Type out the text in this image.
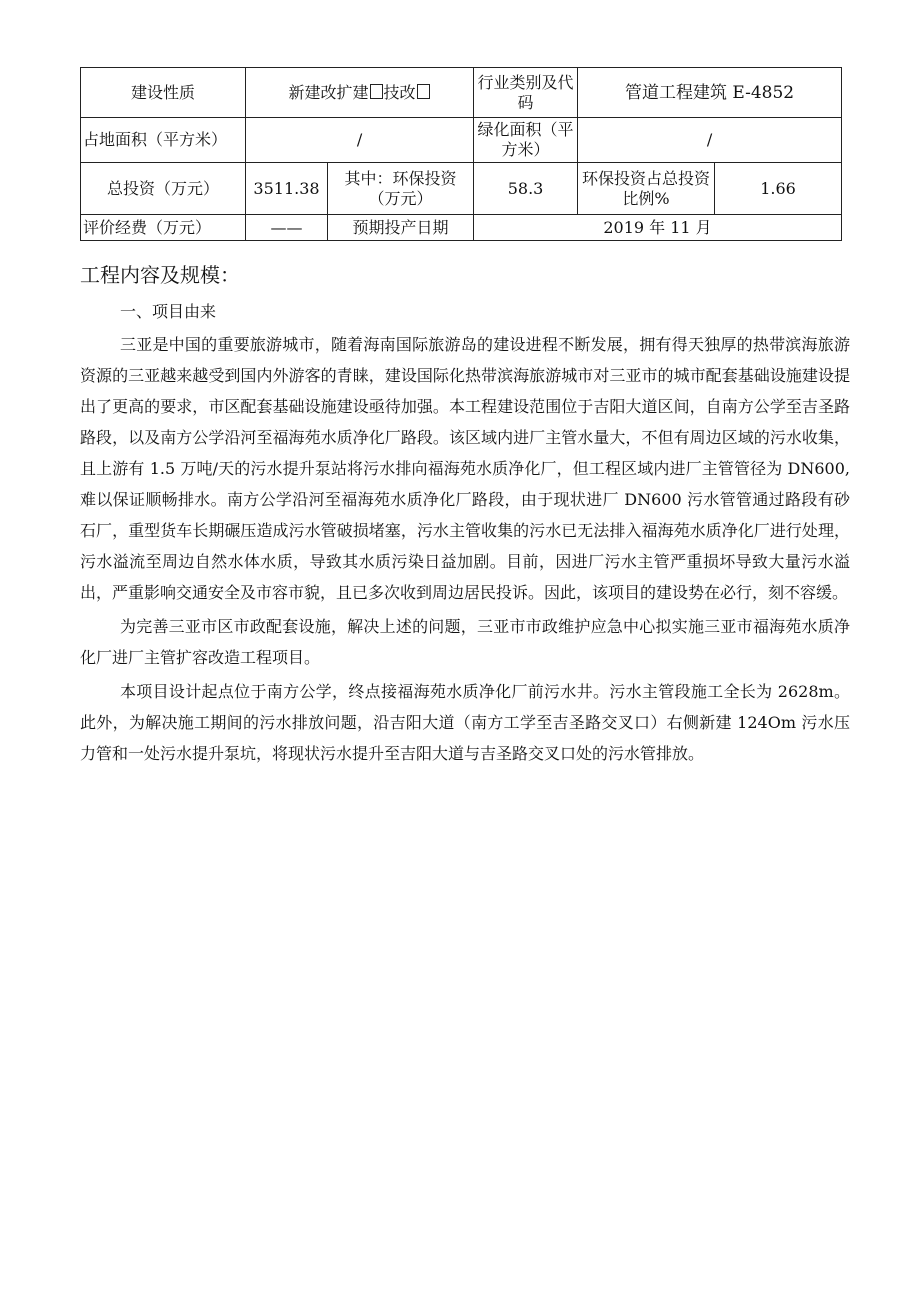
建设性质	新建改扩建 技改		行业类别及代码	管道工程建筑 E-4852	
占地面积（平方米）	/		绿化面积（平方米）	/	
总投资（万元）	3511.38	其中：环保投资（万元）	58.3	环保投资占总投资比例%	1.66
评价经费（万元）	——	预期投产日期	2019 年 11 月		
工程内容及规模：
一、项目由来

三亚是中国的重要旅游城市，随着海南国际旅游岛的建设进程不断发展，拥有得天独厚的热带滨海旅游资源的三亚越来越受到国内外游客的青睐，建设国际化热带滨海旅游城市对三亚市的城市配套基础设施建设提出了更高的要求，市区配套基础设施建设亟待加强。本工程建设范围位于吉阳大道区间，自南方公学至吉圣路路段，以及南方公学沿河至福海苑水质净化厂路段。该区域内进厂主管水量大，不但有周边区域的污水收集，且上游有 1.5 万吨/天的污水提升泵站将污水排向福海苑水质净化厂，但工程区域内进厂主管管径为 DN600,难以保证顺畅排水。南方公学沿河至福海苑水质净化厂路段，由于现状进厂 DN600 污水管管通过路段有砂石厂，重型货车长期碾压造成污水管破损堵塞，污水主管收集的污水已无法排入福海苑水质净化厂进行处理，污水溢流至周边自然水体水质，导致其水质污染日益加剧。目前，因进厂污水主管严重损坏导致大量污水溢出，严重影响交通安全及市容市貌，且已多次收到周边居民投诉。因此，该项目的建设势在必行，刻不容缓。

为完善三亚市区市政配套设施，解决上述的问题，三亚市市政维护应急中心拟实施三亚市福海苑水质净化厂进厂主管扩容改造工程项目。

本项目设计起点位于南方公学，终点接福海苑水质净化厂前污水井。污水主管段施工全长为 2628m。此外，为解决施工期间的污水排放问题，沿吉阳大道（南方工学至吉圣路交叉口）右侧新建 124Om 污水压力管和一处污水提升泵坑，将现状污水提升至吉阳大道与吉圣路交叉口处的污水管排放。
